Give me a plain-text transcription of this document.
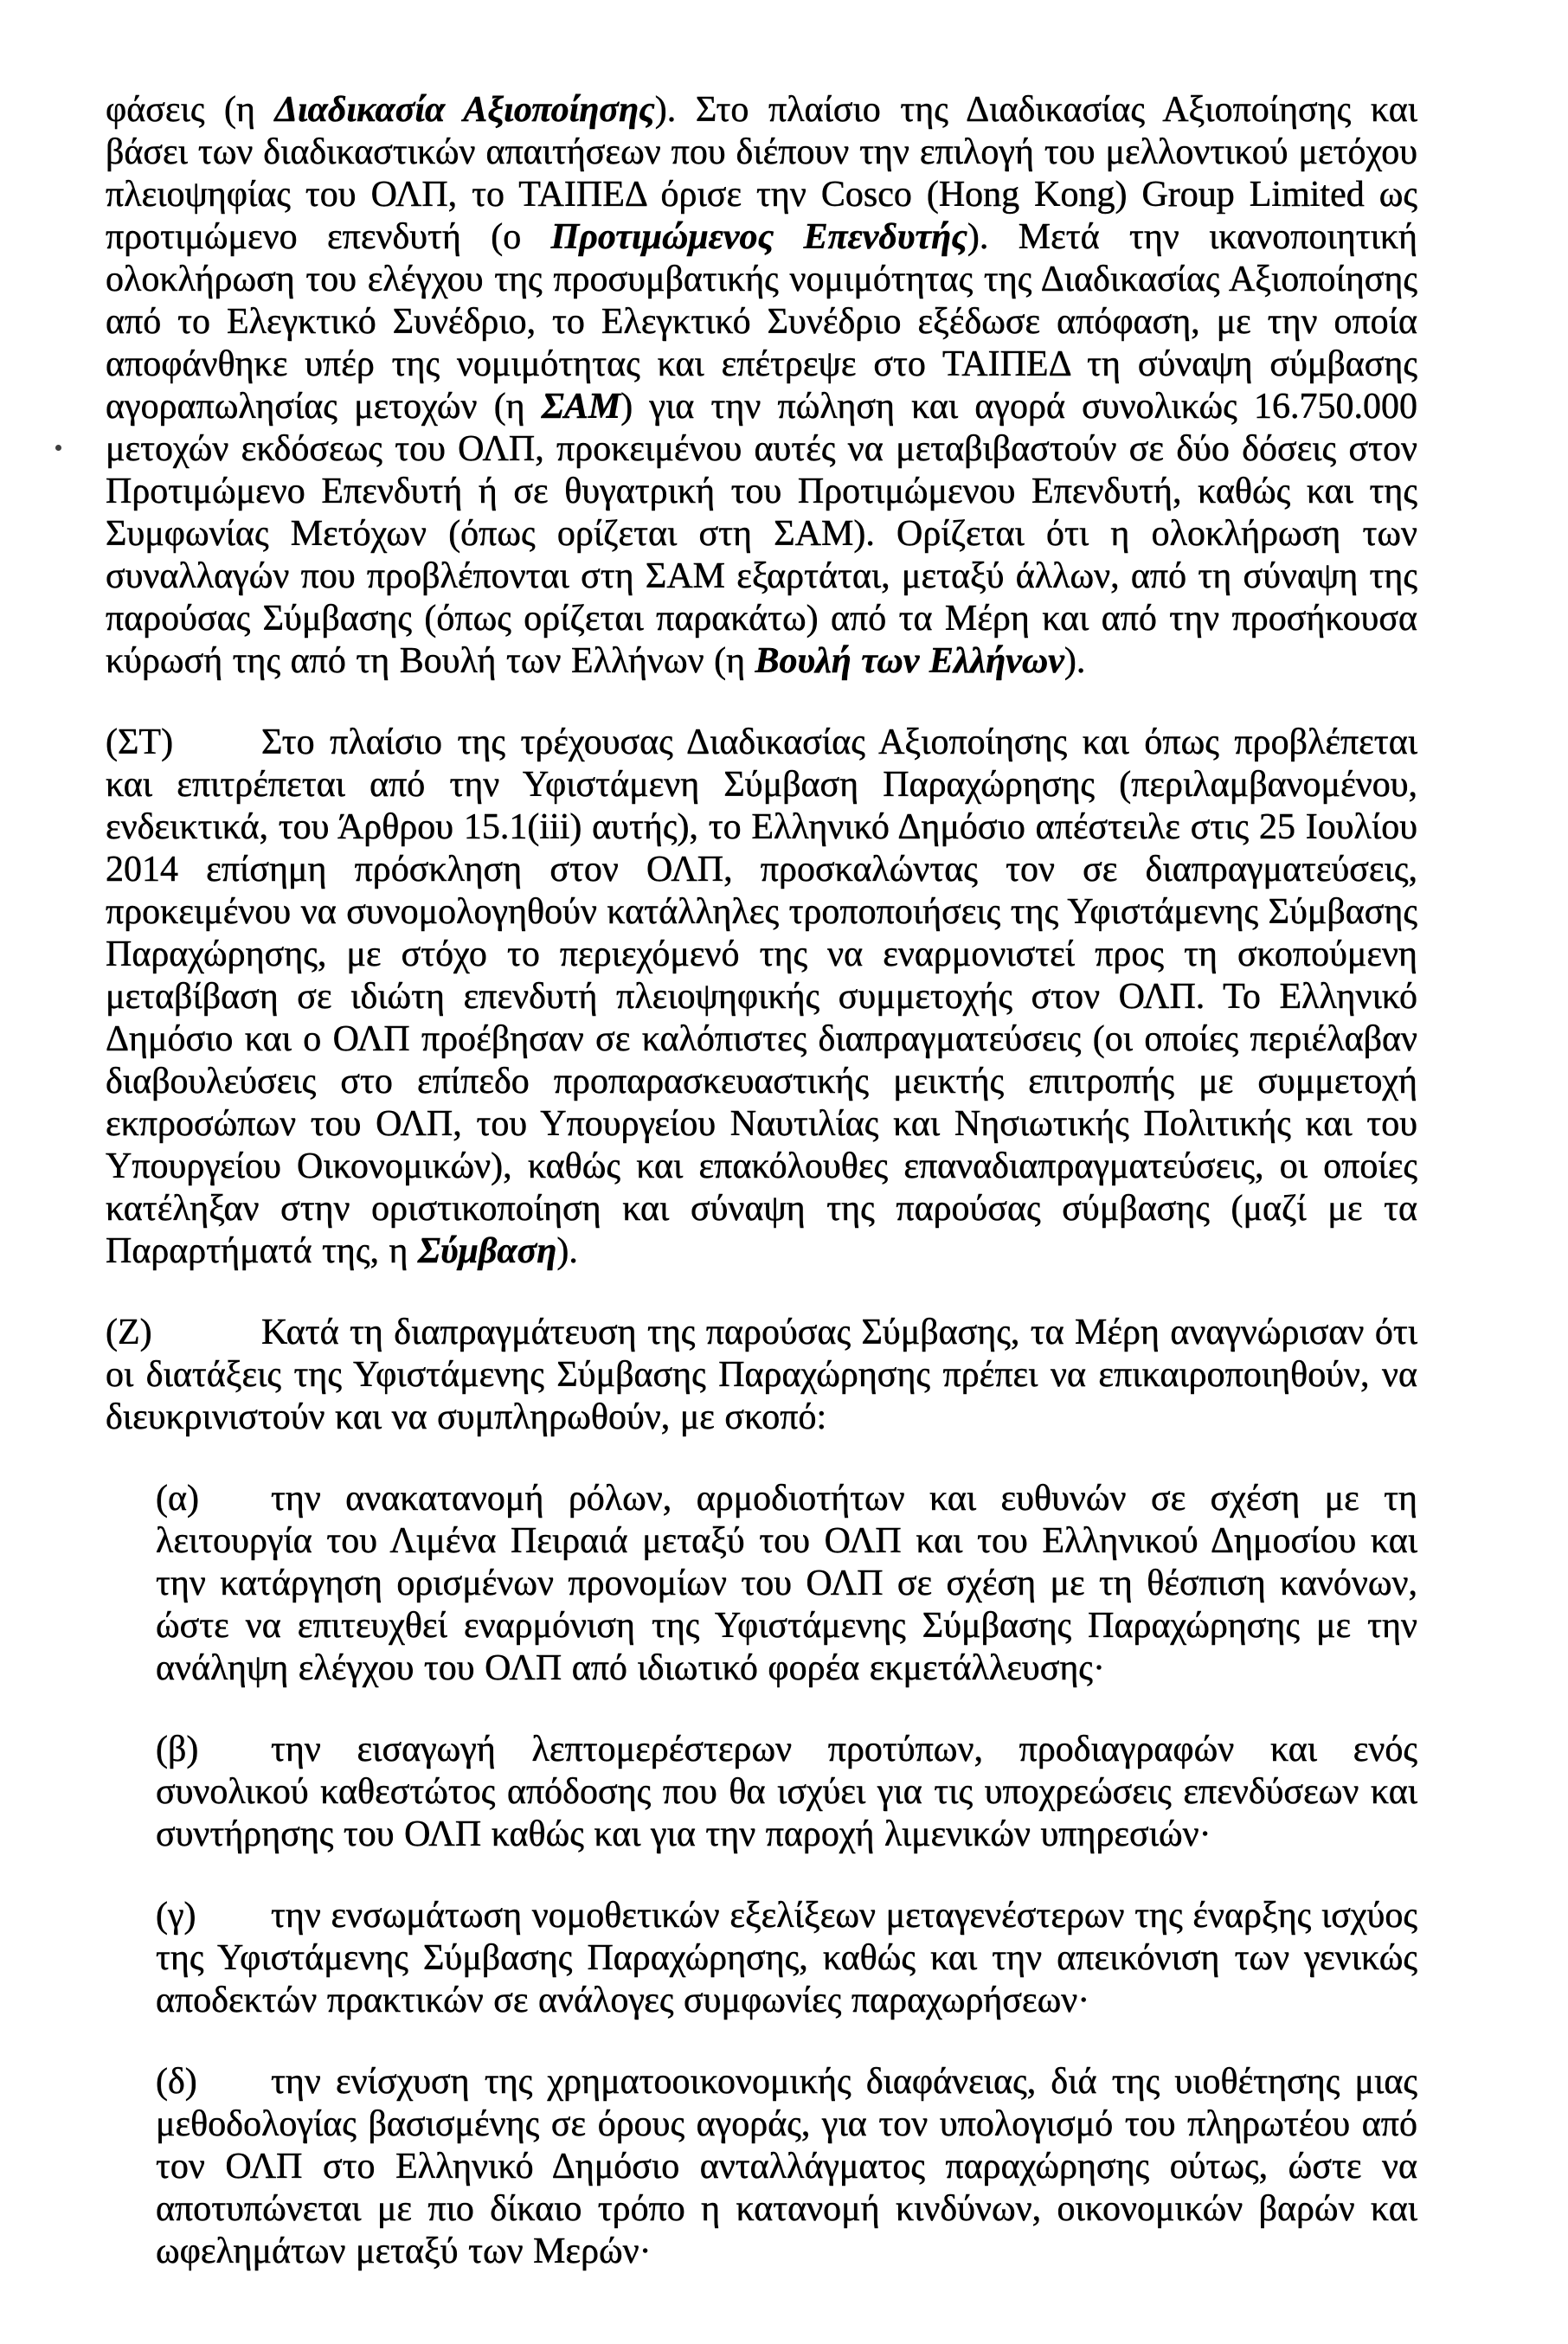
φάσεις (η Διαδικασία Αξιοποίησης). Στο πλαίσιο της Διαδικασίας Αξιοποίησης και βάσει των διαδικαστικών απαιτήσεων που διέπουν την επιλογή του μελλοντικού μετόχου πλειοψηφίας του ΟΛΠ, το ΤΑΙΠΕΔ όρισε την Cosco (Hong Kong) Group Limited ως προτιμώμενο επενδυτή (ο Προτιμώμενος Επενδυτής). Μετά την ικανοποιητική ολοκλήρωση του ελέγχου της προσυμβατικής νομιμότητας της Διαδικασίας Αξιοποίησης από το Ελεγκτικό Συνέδριο, το Ελεγκτικό Συνέδριο εξέδωσε απόφαση, με την οποία αποφάνθηκε υπέρ της νομιμότητας και επέτρεψε στο ΤΑΙΠΕΔ τη σύναψη σύμβασης αγοραπωλησίας μετοχών (η ΣΑΜ) για την πώληση και αγορά συνολικώς 16.750.000 μετοχών εκδόσεως του ΟΛΠ, προκειμένου αυτές να μεταβιβαστούν σε δύο δόσεις στον Προτιμώμενο Επενδυτή ή σε θυγατρική του Προτιμώμενου Επενδυτή, καθώς και της Συμφωνίας Μετόχων (όπως ορίζεται στη ΣΑΜ). Ορίζεται ότι η ολοκλήρωση των συναλλαγών που προβλέπονται στη ΣΑΜ εξαρτάται, μεταξύ άλλων, από τη σύναψη της παρούσας Σύμβασης (όπως ορίζεται παρακάτω) από τα Μέρη και από την προσήκουσα κύρωσή της από τη Βουλή των Ελλήνων (η Βουλή των Ελλήνων).
(ΣΤ) Στο πλαίσιο της τρέχουσας Διαδικασίας Αξιοποίησης και όπως προβλέπεται και επιτρέπεται από την Υφιστάμενη Σύμβαση Παραχώρησης (περιλαμβανομένου, ενδεικτικά, του Άρθρου 15.1(iii) αυτής), το Ελληνικό Δημόσιο απέστειλε στις 25 Ιουλίου 2014 επίσημη πρόσκληση στον ΟΛΠ, προσκαλώντας τον σε διαπραγματεύσεις, προκειμένου να συνομολογηθούν κατάλληλες τροποποιήσεις της Υφιστάμενης Σύμβασης Παραχώρησης, με στόχο το περιεχόμενό της να εναρμονιστεί προς τη σκοπούμενη μεταβίβαση σε ιδιώτη επενδυτή πλειοψηφικής συμμετοχής στον ΟΛΠ. Το Ελληνικό Δημόσιο και ο ΟΛΠ προέβησαν σε καλόπιστες διαπραγματεύσεις (οι οποίες περιέλαβαν διαβουλεύσεις στο επίπεδο προπαρασκευαστικής μεικτής επιτροπής με συμμετοχή εκπροσώπων του ΟΛΠ, του Υπουργείου Ναυτιλίας και Νησιωτικής Πολιτικής και του Υπουργείου Οικονομικών), καθώς και επακόλουθες επαναδιαπραγματεύσεις, οι οποίες κατέληξαν στην οριστικοποίηση και σύναψη της παρούσας σύμβασης (μαζί με τα Παραρτήματά της, η Σύμβαση).
(Ζ)	Κατά τη διαπραγμάτευση της παρούσας Σύμβασης, τα Μέρη αναγνώρισαν ότι οι διατάξεις της Υφιστάμενης Σύμβασης Παραχώρησης πρέπει να επικαιροποιηθούν, να διευκρινιστούν και να συμπληρωθούν, με σκοπό:
(α) την ανακατανομή ρόλων, αρμοδιοτήτων και ευθυνών σε σχέση με τη λειτουργία του Λιμένα Πειραιά μεταξύ του ΟΛΠ και του Ελληνικού Δημοσίου και την κατάργηση ορισμένων προνομίων του ΟΛΠ σε σχέση με τη θέσπιση κανόνων, ώστε να επιτευχθεί εναρμόνιση της Υφιστάμενης Σύμβασης Παραχώρησης με την ανάληψη ελέγχου του ΟΛΠ από ιδιωτικό φορέα εκμετάλλευσης·
(β) την εισαγωγή λεπτομερέστερων προτύπων, προδιαγραφών και ενός συνολικού καθεστώτος απόδοσης που θα ισχύει για τις υποχρεώσεις επενδύσεων και συντήρησης του ΟΛΠ καθώς και για την παροχή λιμενικών υπηρεσιών·
(γ) την ενσωμάτωση νομοθετικών εξελίξεων μεταγενέστερων της έναρξης ισχύος της Υφιστάμενης Σύμβασης Παραχώρησης, καθώς και την απεικόνιση των γενικώς αποδεκτών πρακτικών σε ανάλογες συμφωνίες παραχωρήσεων·
(δ) την ενίσχυση της χρηματοοικονομικής διαφάνειας, διά της υιοθέτησης μιας μεθοδολογίας βασισμένης σε όρους αγοράς, για τον υπολογισμό του πληρωτέου από τον ΟΛΠ στο Ελληνικό Δημόσιο ανταλλάγματος παραχώρησης ούτως, ώστε να αποτυπώνεται με πιο δίκαιο τρόπο η κατανομή κινδύνων, οικονομικών βαρών και ωφελημάτων μεταξύ των Μερών·
